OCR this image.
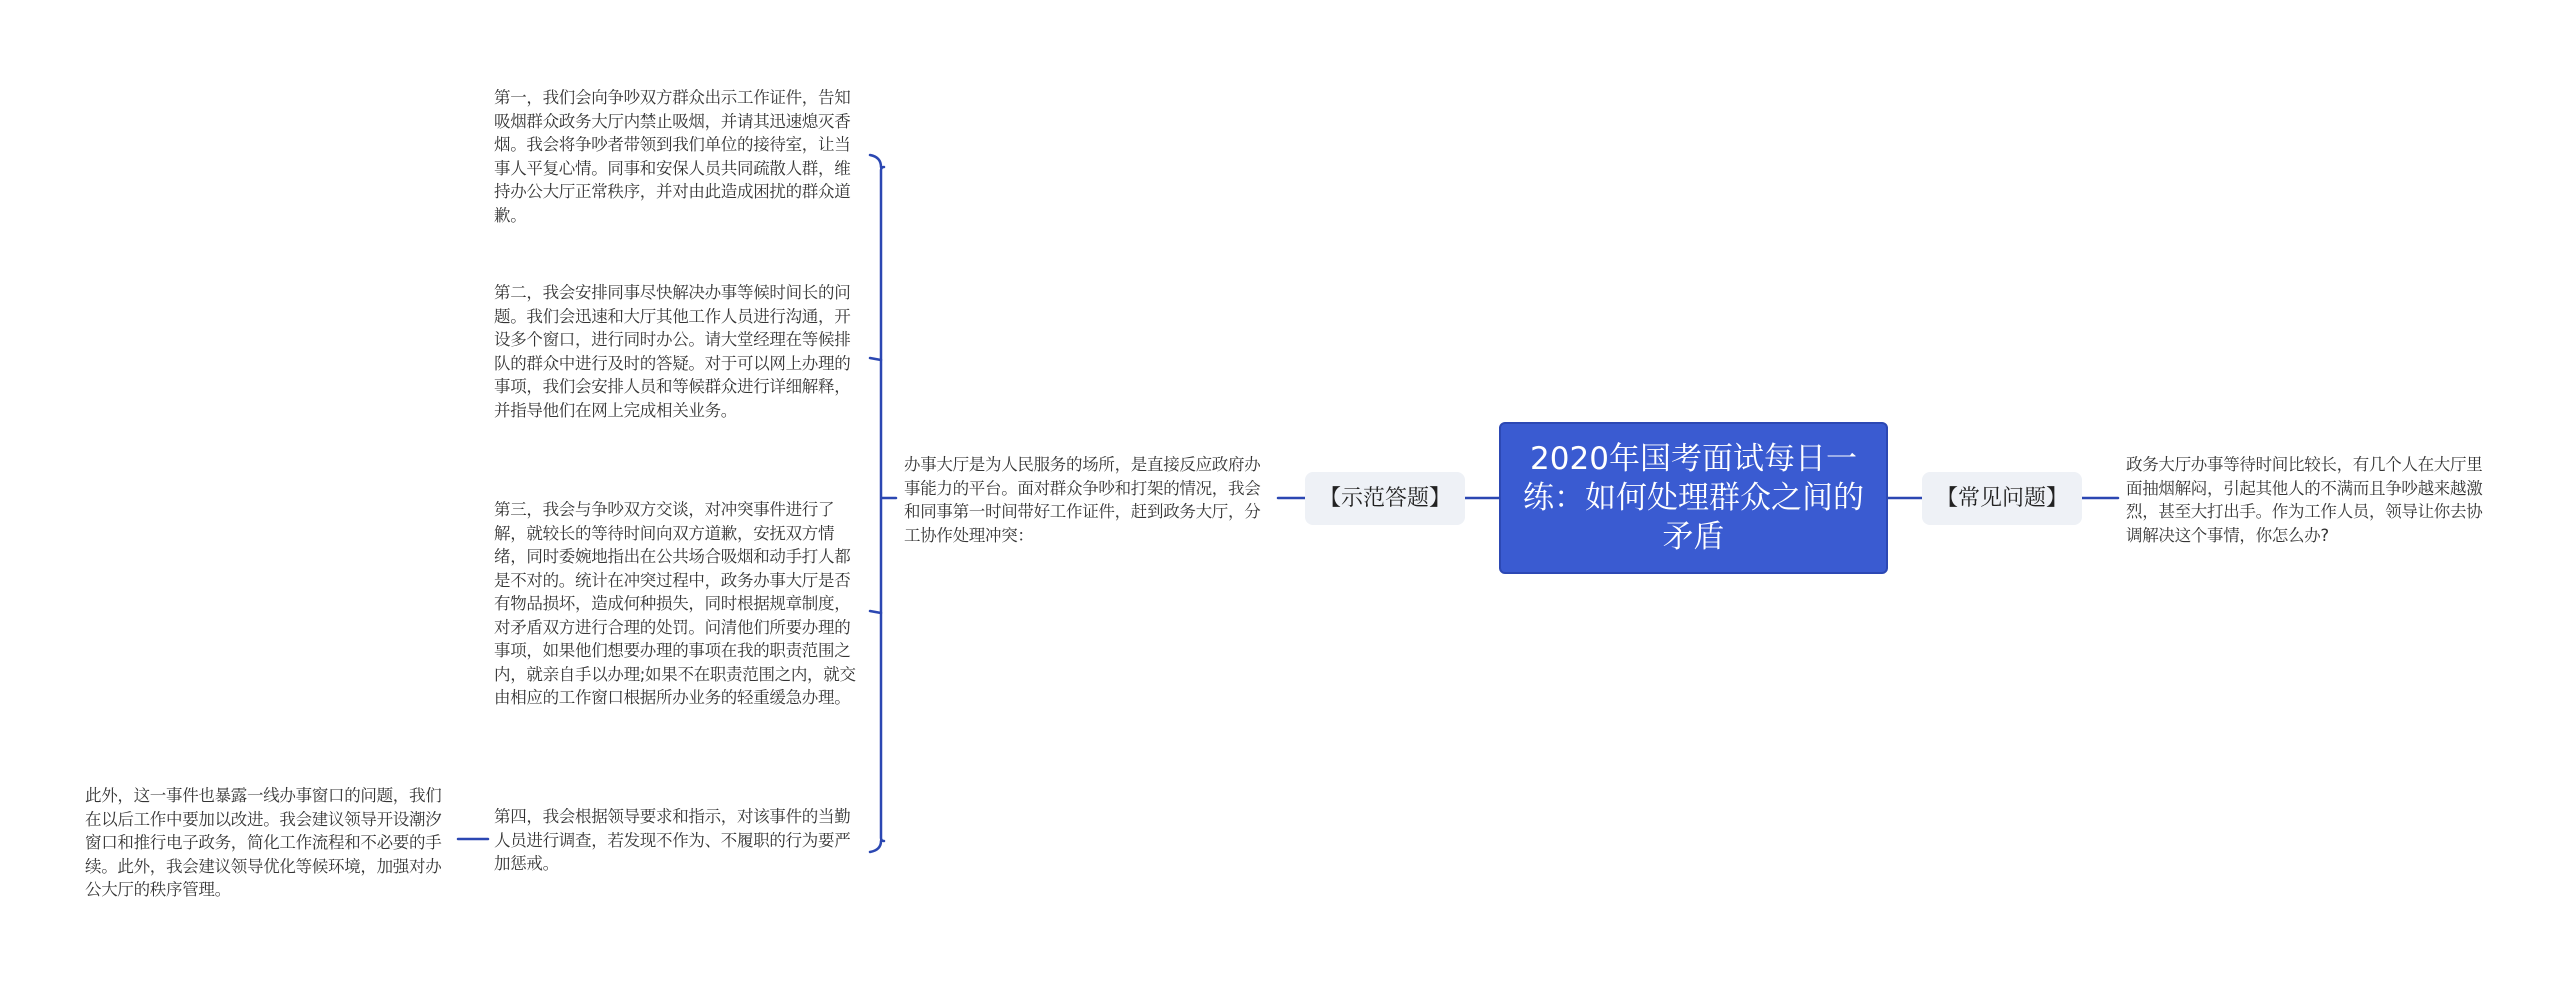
2020年国考面试每日一练：如何处理群众之间的矛盾
【常见问题】
政务大厅办事等待时间比较长，有几个人在大厅里面抽烟解闷，引起其他人的不满而且争吵越来越激烈，甚至大打出手。作为工作人员，领导让你去协调解决这个事情，你怎么办?
【示范答题】
办事大厅是为人民服务的场所，是直接反应政府办事能力的平台。面对群众争吵和打架的情况，我会和同事第一时间带好工作证件，赶到政务大厅，分工协作处理冲突：
第一，我们会向争吵双方群众出示工作证件，告知吸烟群众政务大厅内禁止吸烟，并请其迅速熄灭香烟。我会将争吵者带领到我们单位的接待室，让当事人平复心情。同事和安保人员共同疏散人群，维持办公大厅正常秩序，并对由此造成困扰的群众道歉。
第二，我会安排同事尽快解决办事等候时间长的问题。我们会迅速和大厅其他工作人员进行沟通，开设多个窗口，进行同时办公。请大堂经理在等候排队的群众中进行及时的答疑。对于可以网上办理的事项，我们会安排人员和等候群众进行详细解释，并指导他们在网上完成相关业务。
第三，我会与争吵双方交谈，对冲突事件进行了解，就较长的等待时间向双方道歉，安抚双方情绪，同时委婉地指出在公共场合吸烟和动手打人都是不对的。统计在冲突过程中，政务办事大厅是否有物品损坏，造成何种损失，同时根据规章制度，对矛盾双方进行合理的处罚。问清他们所要办理的事项，如果他们想要办理的事项在我的职责范围之内，就亲自手以办理;如果不在职责范围之内，就交由相应的工作窗口根据所办业务的轻重缓急办理。
第四，我会根据领导要求和指示，对该事件的当勤人员进行调查，若发现不作为、不履职的行为要严加惩戒。
此外，这一事件也暴露一线办事窗口的问题，我们在以后工作中要加以改进。我会建议领导开设潮汐窗口和推行电子政务，简化工作流程和不必要的手续。此外，我会建议领导优化等候环境，加强对办公大厅的秩序管理。
